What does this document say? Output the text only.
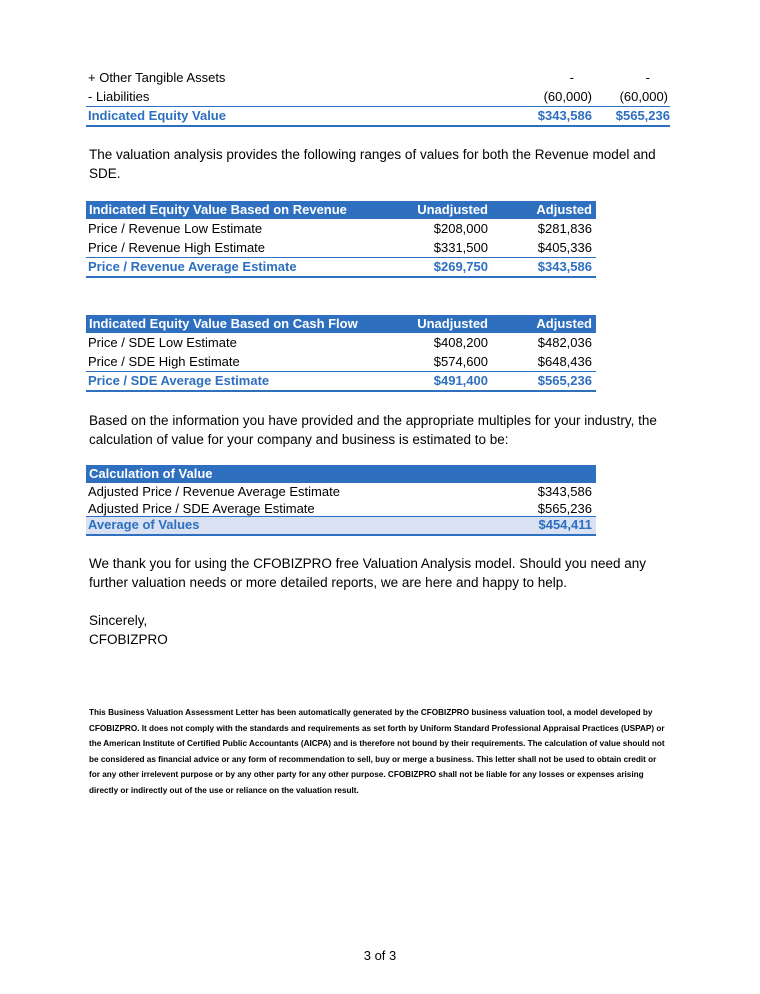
+ Other Tangible Assets	-	-
- Liabilities	(60,000)	(60,000)
Indicated Equity Value	$343,586	$565,236
The valuation analysis provides the following ranges of values for both the Revenue model and SDE.
Indicated Equity Value Based on Revenue	Unadjusted	Adjusted
Price / Revenue Low Estimate	$208,000	$281,836
Price / Revenue High Estimate	$331,500	$405,336
Price / Revenue Average Estimate	$269,750	$343,586
Indicated Equity Value Based on Cash Flow	Unadjusted	Adjusted
Price / SDE Low Estimate	$408,200	$482,036
Price / SDE High Estimate	$574,600	$648,436
Price / SDE Average Estimate	$491,400	$565,236
Based on the information you have provided and the appropriate multiples for your industry, the calculation of value for your company and business is estimated to be:
Calculation of Value
Adjusted Price / Revenue Average Estimate	$343,586
Adjusted Price / SDE Average Estimate	$565,236
Average of Values	$454,411
We thank you for using the CFOBIZPRO free Valuation Analysis model. Should you need any further valuation needs or more detailed reports, we are here and happy to help.
Sincerely,
CFOBIZPRO
This Business Valuation Assessment Letter has been automatically generated by the CFOBIZPRO business valuation tool, a model developed by CFOBIZPRO. It does not comply with the standards and requirements as set forth by Uniform Standard Professional Appraisal Practices (USPAP) or the American Institute of Certified Public Accountants (AICPA) and is therefore not bound by their requirements. The calculation of value should not be considered as financial advice or any form of recommendation to sell, buy or merge a business. This letter shall not be used to obtain credit or for any other irrelevent purpose or by any other party for any other purpose. CFOBIZPRO shall not be liable for any losses or expenses arising directly or indirectly out of the use or reliance on the valuation result.
3 of 3
